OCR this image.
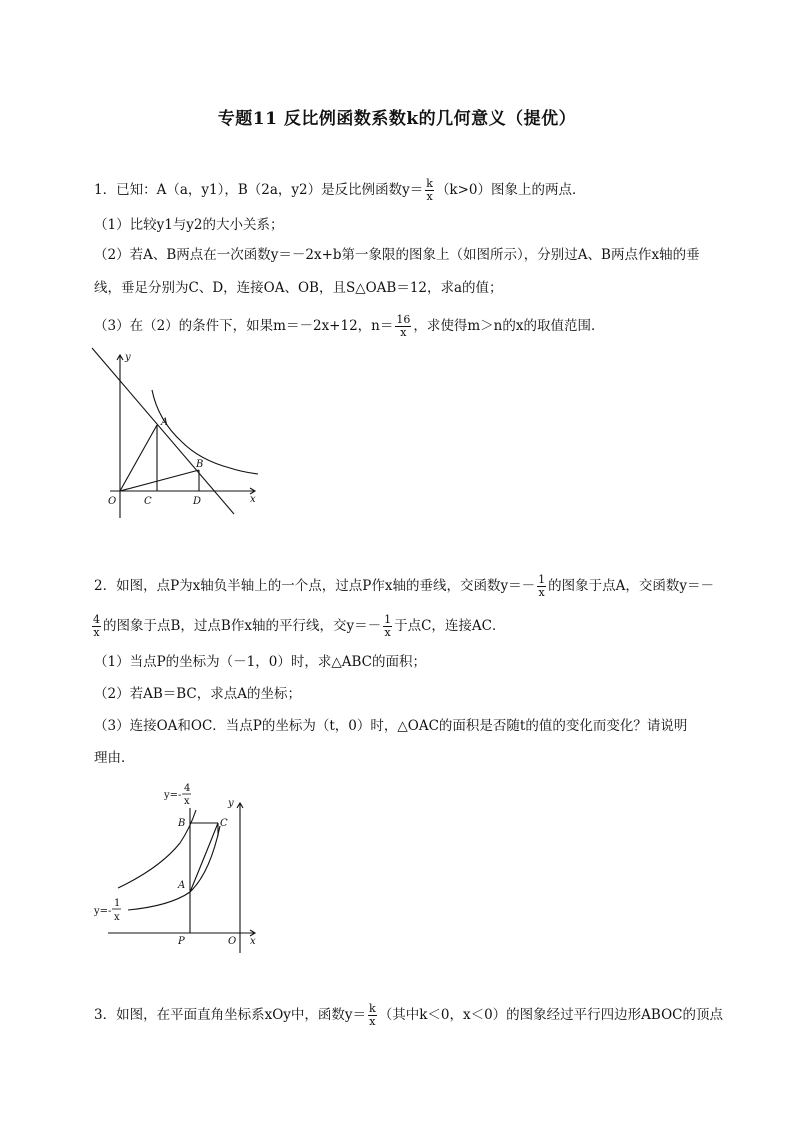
专题11 反比例函数系数k的几何意义（提优）
1．已知：A（a，y1），B（2a，y2）是反比例函数$y= \frac{k}{x} (k>0)$图象上的两点．
（1）比较y1与y2的大小关系；
（2）若A、B两点在一次函数y＝－2x+b第一象限的图象上（如图所示），分别过A、B两点作x轴的垂
线，垂足分别为C、D，连接OA、OB，且S△OAB＝12，求a的值；
（3）在（2）的条件下，如果m＝－2x+12，$n= \frac{16}{x}$ ，求使得m＞n的x的取值范围．
y
x
O
A
B
C	D
2．如图，点P为x轴负半轴上的一个点，过点P作x轴的垂线，交函数$y=- \frac{1}{x}$ 的图象于点A，交函数y＝－
$\frac{4}{x}$ 的图象于点B，过点B作x轴的平行线，交$y=- \frac{1}{x}$ 于点C，连接AC．
（1）当点P的坐标为（－1，0）时，求△ABC的面积；
（2）若AB＝BC，求点A的坐标；
（3）连接OA和OC．当点P的坐标为（t，0）时，△OAC的面积是否随t的值的变化而变化？请说明
理由．
y
x
O
P
A
B	C
y=-
4
x
y=-
1
x
3．如图，在平面直角坐标系xOy中，函数$y= \frac{k}{x}$ （其中k＜0，x＜0）的图象经过平行四边形ABOC的顶点
